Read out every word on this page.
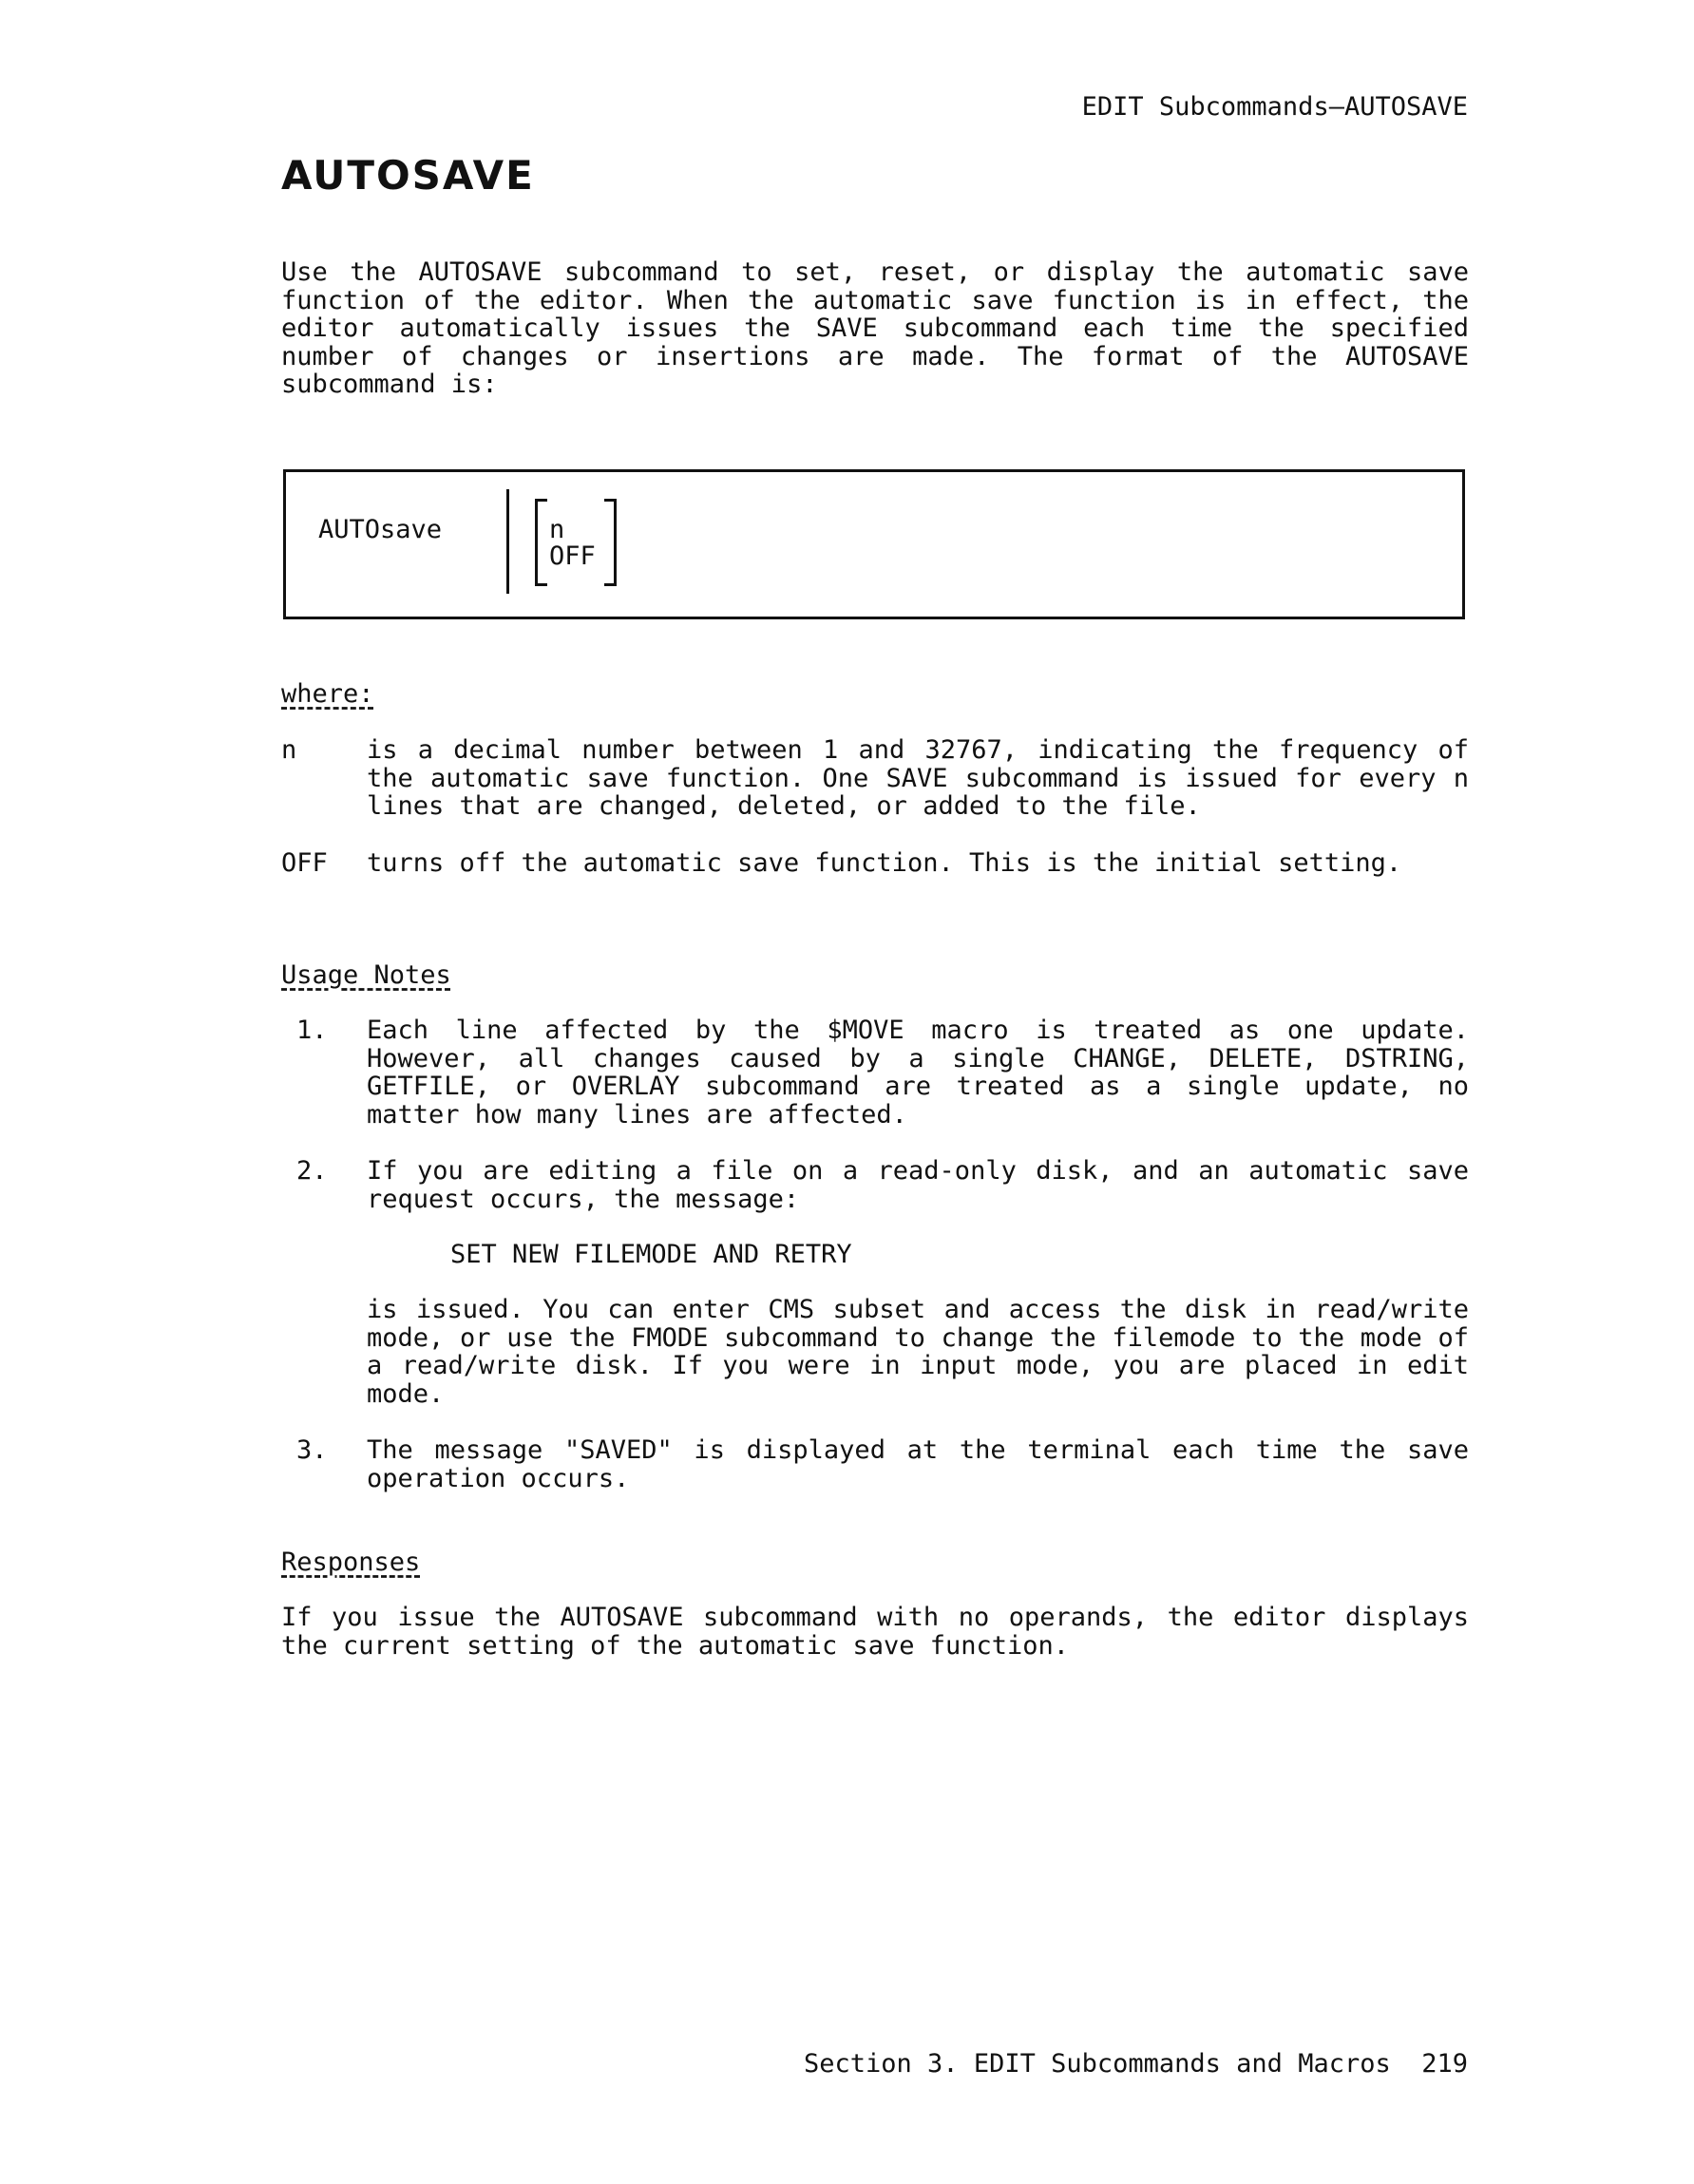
EDIT Subcommands—AUTOSAVE
AUTOSAVE
Use the AUTOSAVE subcommand to set, reset, or display the automatic save function of the editor. When the automatic save function is in effect, the editor automatically issues the SAVE subcommand each time the specified number of changes or insertions are made. The format of the AUTOSAVE subcommand is:
AUTOsave	n
OFF
where:
n	is a decimal number between 1 and 32767, indicating the frequency of the automatic save function. One SAVE subcommand is issued for every n lines that are changed, deleted, or added to the file.
OFF turns off the automatic save function. This is the initial setting.
Usage Notes
1. Each line affected by the $MOVE macro is treated as one update. However, all changes caused by a single CHANGE, DELETE, DSTRING, GETFILE, or OVERLAY subcommand are treated as a single update, no matter how many lines are affected.
2. If you are editing a file on a read-only disk, and an automatic save request occurs, the message:
SET NEW FILEMODE AND RETRY
is issued. You can enter CMS subset and access the disk in read/write mode, or use the FMODE subcommand to change the filemode to the mode of a read/write disk. If you were in input mode, you are placed in edit mode.
3. The message "SAVED" is displayed at the terminal each time the save operation occurs.
Responses
If you issue the AUTOSAVE subcommand with no operands, the editor displays the current setting of the automatic save function.
Section 3. EDIT Subcommands and Macros  219
